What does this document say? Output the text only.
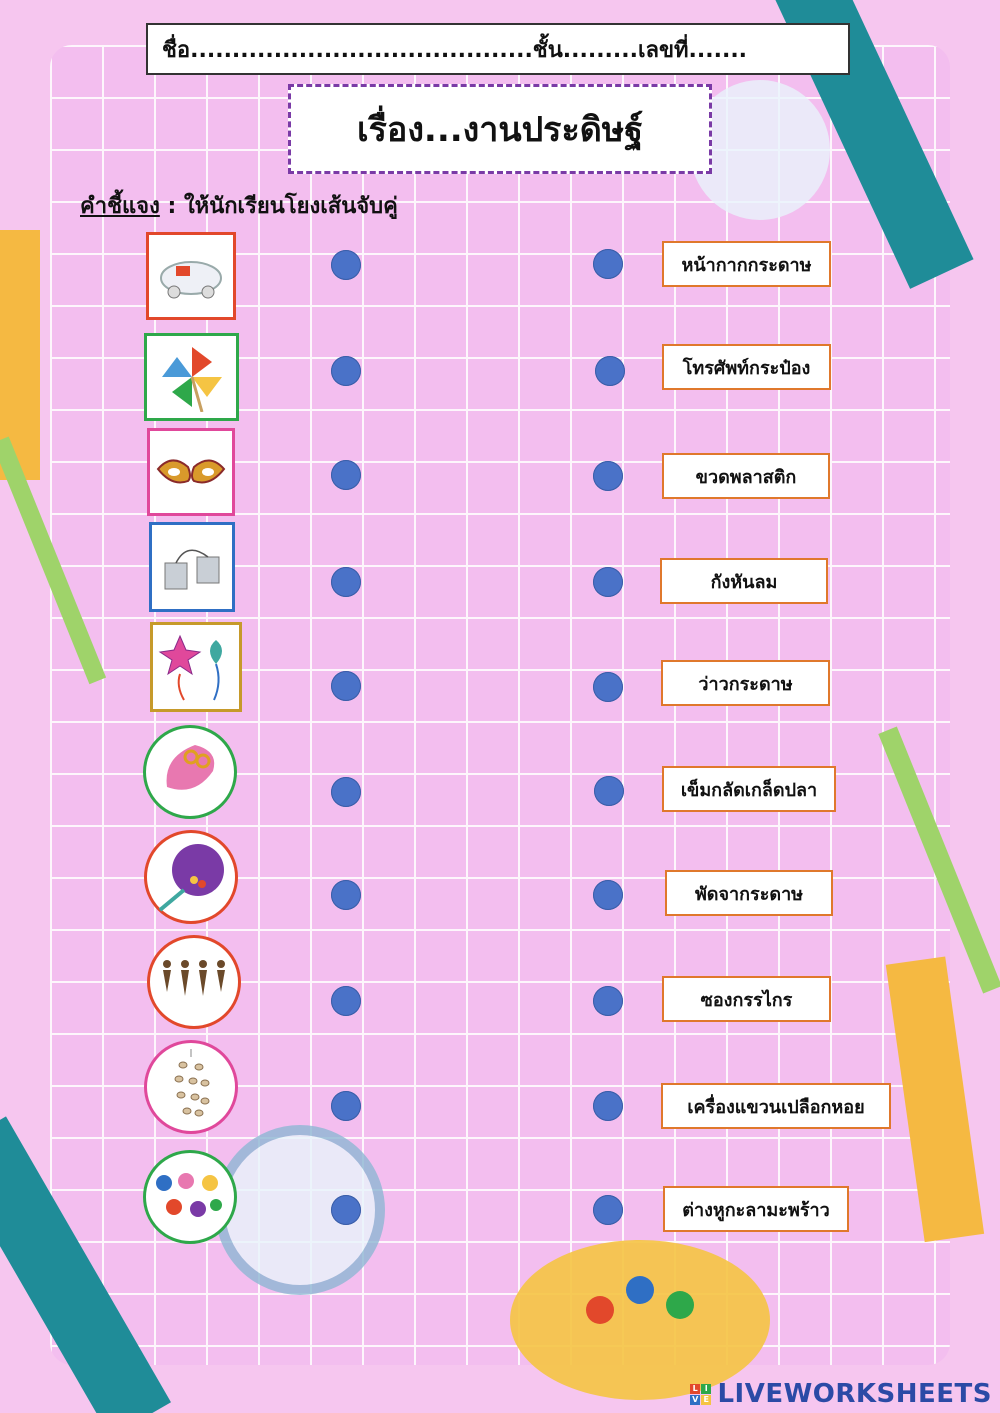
ชื่อ.........................................ชั้น.........เลขที่.......
เรื่อง...งานประดิษฐ์
คำชี้แจง : ให้นักเรียนโยงเส้นจับคู่
หน้ากากกระดาษ
โทรศัพท์กระป๋อง
ขวดพลาสติก
กังหันลม
ว่าวกระดาษ
เข็มกลัดเกล็ดปลา
พัดจากระดาษ
ซองกรรไกร
เครื่องแขวนเปลือกหอย
ต่างหูกะลามะพร้าว
L I
V E LIVEWORKSHEETS
